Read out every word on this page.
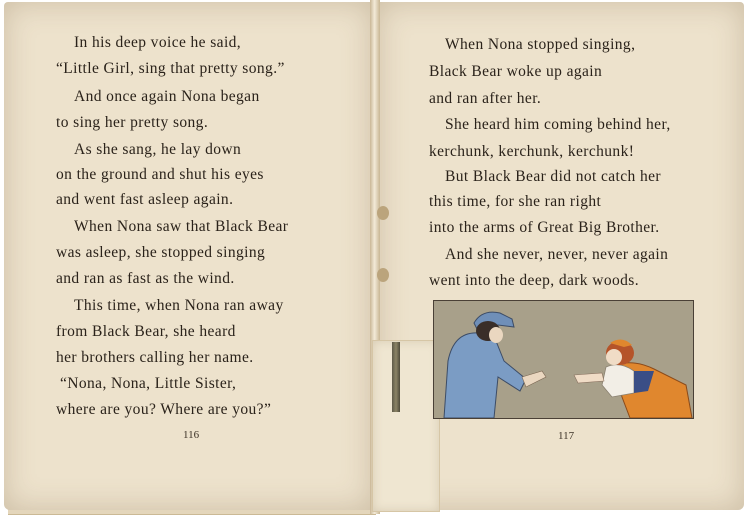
In his deep voice he said,
“Little Girl, sing that pretty song.”
And once again Nona began
to sing her pretty song.
As she sang, he lay down
on the ground and shut his eyes
and went fast asleep again.
When Nona saw that Black Bear
was asleep, she stopped singing
and ran as fast as the wind.
This time, when Nona ran away
from Black Bear, she heard
her brothers calling her name.
“Nona, Nona, Little Sister,
where are you? Where are you?”
116
When Nona stopped singing,
Black Bear woke up again
and ran after her.
She heard him coming behind her,
kerchunk, kerchunk, kerchunk!
But Black Bear did not catch her
this time, for she ran right
into the arms of Great Big Brother.
And she never, never, never again
went into the deep, dark woods.
117
